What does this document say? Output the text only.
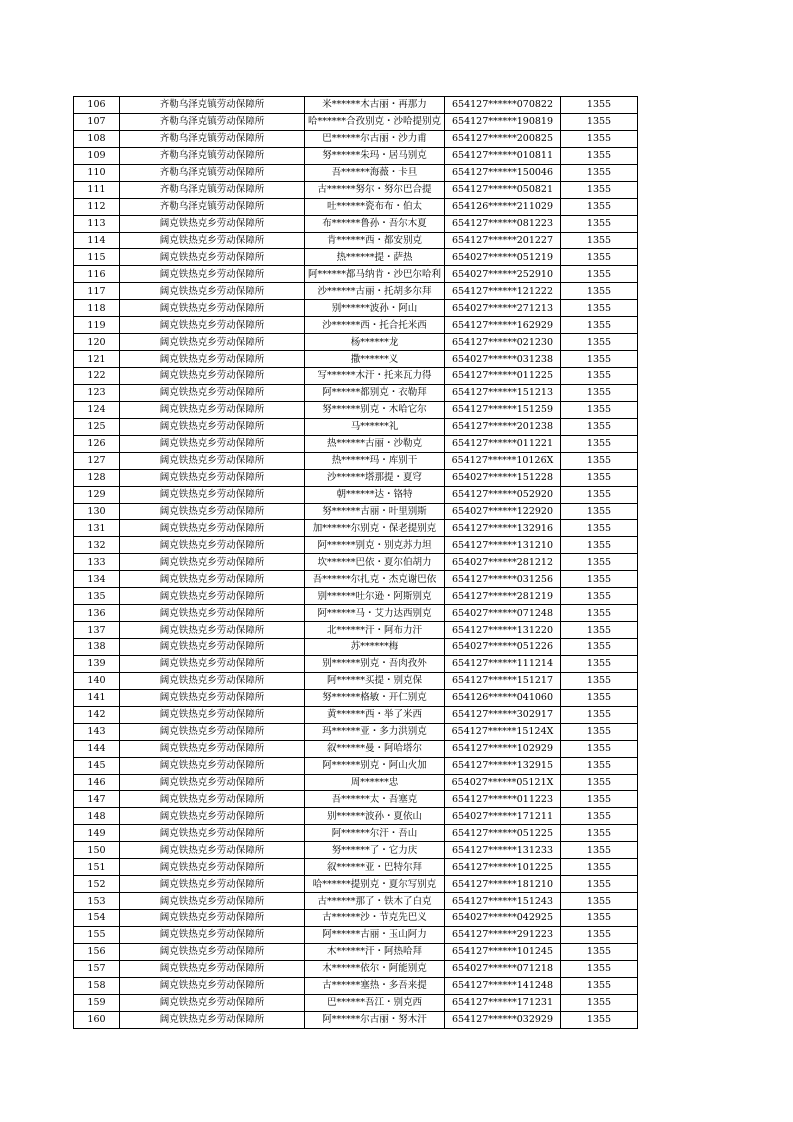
106	齐勒乌泽克镇劳动保障所	米******木古丽・再那力	654127******070822	1355
107	齐勒乌泽克镇劳动保障所	哈******合孜别克・沙哈提别克	654127******190819	1355
108	齐勒乌泽克镇劳动保障所	巴******尔古丽・沙力甫	654127******200825	1355
109	齐勒乌泽克镇劳动保障所	努******朱玛・居马别克	654127******010811	1355
110	齐勒乌泽克镇劳动保障所	吾******海薇・卡旦	654127******150046	1355
111	齐勒乌泽克镇劳动保障所	古******努尔・努尔巴合提	654127******050821	1355
112	齐勒乌泽克镇劳动保障所	吐******瓷布布・伯太	654126******211029	1355
113	阔克铁热克乡劳动保障所	布******鲁孙・吾尔木夏	654127******081223	1355
114	阔克铁热克乡劳动保障所	肯******西・都安别克	654127******201227	1355
115	阔克铁热克乡劳动保障所	热******提・萨热	654027******051219	1355
116	阔克铁热克乡劳动保障所	阿******都马纳肯・沙巴尔哈利	654027******252910	1355
117	阔克铁热克乡劳动保障所	沙******古丽・托胡多尔拜	654127******121222	1355
118	阔克铁热克乡劳动保障所	别******波孙・阿山	654027******271213	1355
119	阔克铁热克乡劳动保障所	沙******西・托合托米西	654127******162929	1355
120	阔克铁热克乡劳动保障所	杨******龙	654127******021230	1355
121	阔克铁热克乡劳动保障所	撒******义	654027******031238	1355
122	阔克铁热克乡劳动保障所	写******木汗・托来瓦力得	654127******011225	1355
123	阔克铁热克乡劳动保障所	阿******都别克・衣勒拜	654127******151213	1355
124	阔克铁热克乡劳动保障所	努******别克・木哈它尔	654127******151259	1355
125	阔克铁热克乡劳动保障所	马******礼	654127******201238	1355
126	阔克铁热克乡劳动保障所	热******古丽・沙勒克	654127******011221	1355
127	阔克铁热克乡劳动保障所	热******玛・库别干	654127******10126X	1355
128	阔克铁热克乡劳动保障所	沙******塔那提・夏穹	654027******151228	1355
129	阔克铁热克乡劳动保障所	朝******达・铬特	654127******052920	1355
130	阔克铁热克乡劳动保障所	努******古丽・叶里别斯	654027******122920	1355
131	阔克铁热克乡劳动保障所	加******尔别克・保老提别克	654127******132916	1355
132	阔克铁热克乡劳动保障所	阿******别克・别克苏力坦	654127******131210	1355
133	阔克铁热克乡劳动保障所	坎******巴依・夏尔伯胡力	654027******281212	1355
134	阔克铁热克乡劳动保障所	吾******尔扎克・杰克谢巴依	654127******031256	1355
135	阔克铁热克乡劳动保障所	别******吐尔逊・阿斯别克	654127******281219	1355
136	阔克铁热克乡劳动保障所	阿******马・艾力达西别克	654027******071248	1355
137	阔克铁热克乡劳动保障所	北******汗・阿布力汗	654127******131220	1355
138	阔克铁热克乡劳动保障所	苏******梅	654027******051226	1355
139	阔克铁热克乡劳动保障所	别******别克・吾肉孜外	654127******111214	1355
140	阔克铁热克乡劳动保障所	阿******买提・别克保	654127******151217	1355
141	阔克铁热克乡劳动保障所	努******格敏・开仁别克	654126******041060	1355
142	阔克铁热克乡劳动保障所	黄******西・举了米西	654127******302917	1355
143	阔克铁热克乡劳动保障所	玛******亚・多力洪别克	654127******15124X	1355
144	阔克铁热克乡劳动保障所	叙******曼・阿哈塔尔	654127******102929	1355
145	阔克铁热克乡劳动保障所	阿******别克・阿山火加	654127******132915	1355
146	阔克铁热克乡劳动保障所	周******忠	654027******05121X	1355
147	阔克铁热克乡劳动保障所	吾******太・吾塞克	654127******011223	1355
148	阔克铁热克乡劳动保障所	别******波孙・夏依山	654027******171211	1355
149	阔克铁热克乡劳动保障所	阿******尔汗・吾山	654127******051225	1355
150	阔克铁热克乡劳动保障所	努******了・它力庆	654127******131233	1355
151	阔克铁热克乡劳动保障所	叙******亚・巴特尔拜	654127******101225	1355
152	阔克铁热克乡劳动保障所	哈******提别克・夏尔写别克	654127******181210	1355
153	阔克铁热克乡劳动保障所	古******那了・铁木了白克	654127******151243	1355
154	阔克铁热克乡劳动保障所	古******沙・节克先巴义	654027******042925	1355
155	阔克铁热克乡劳动保障所	阿******古丽・玉山阿力	654127******291223	1355
156	阔克铁热克乡劳动保障所	木******汗・阿热哈拜	654127******101245	1355
157	阔克铁热克乡劳动保障所	木******依尔・阿能别克	654027******071218	1355
158	阔克铁热克乡劳动保障所	古******塞热・多吾来提	654127******141248	1355
159	阔克铁热克乡劳动保障所	巴******吾江・别克西	654127******171231	1355
160	阔克铁热克乡劳动保障所	阿******尔古丽・努木汗	654127******032929	1355
